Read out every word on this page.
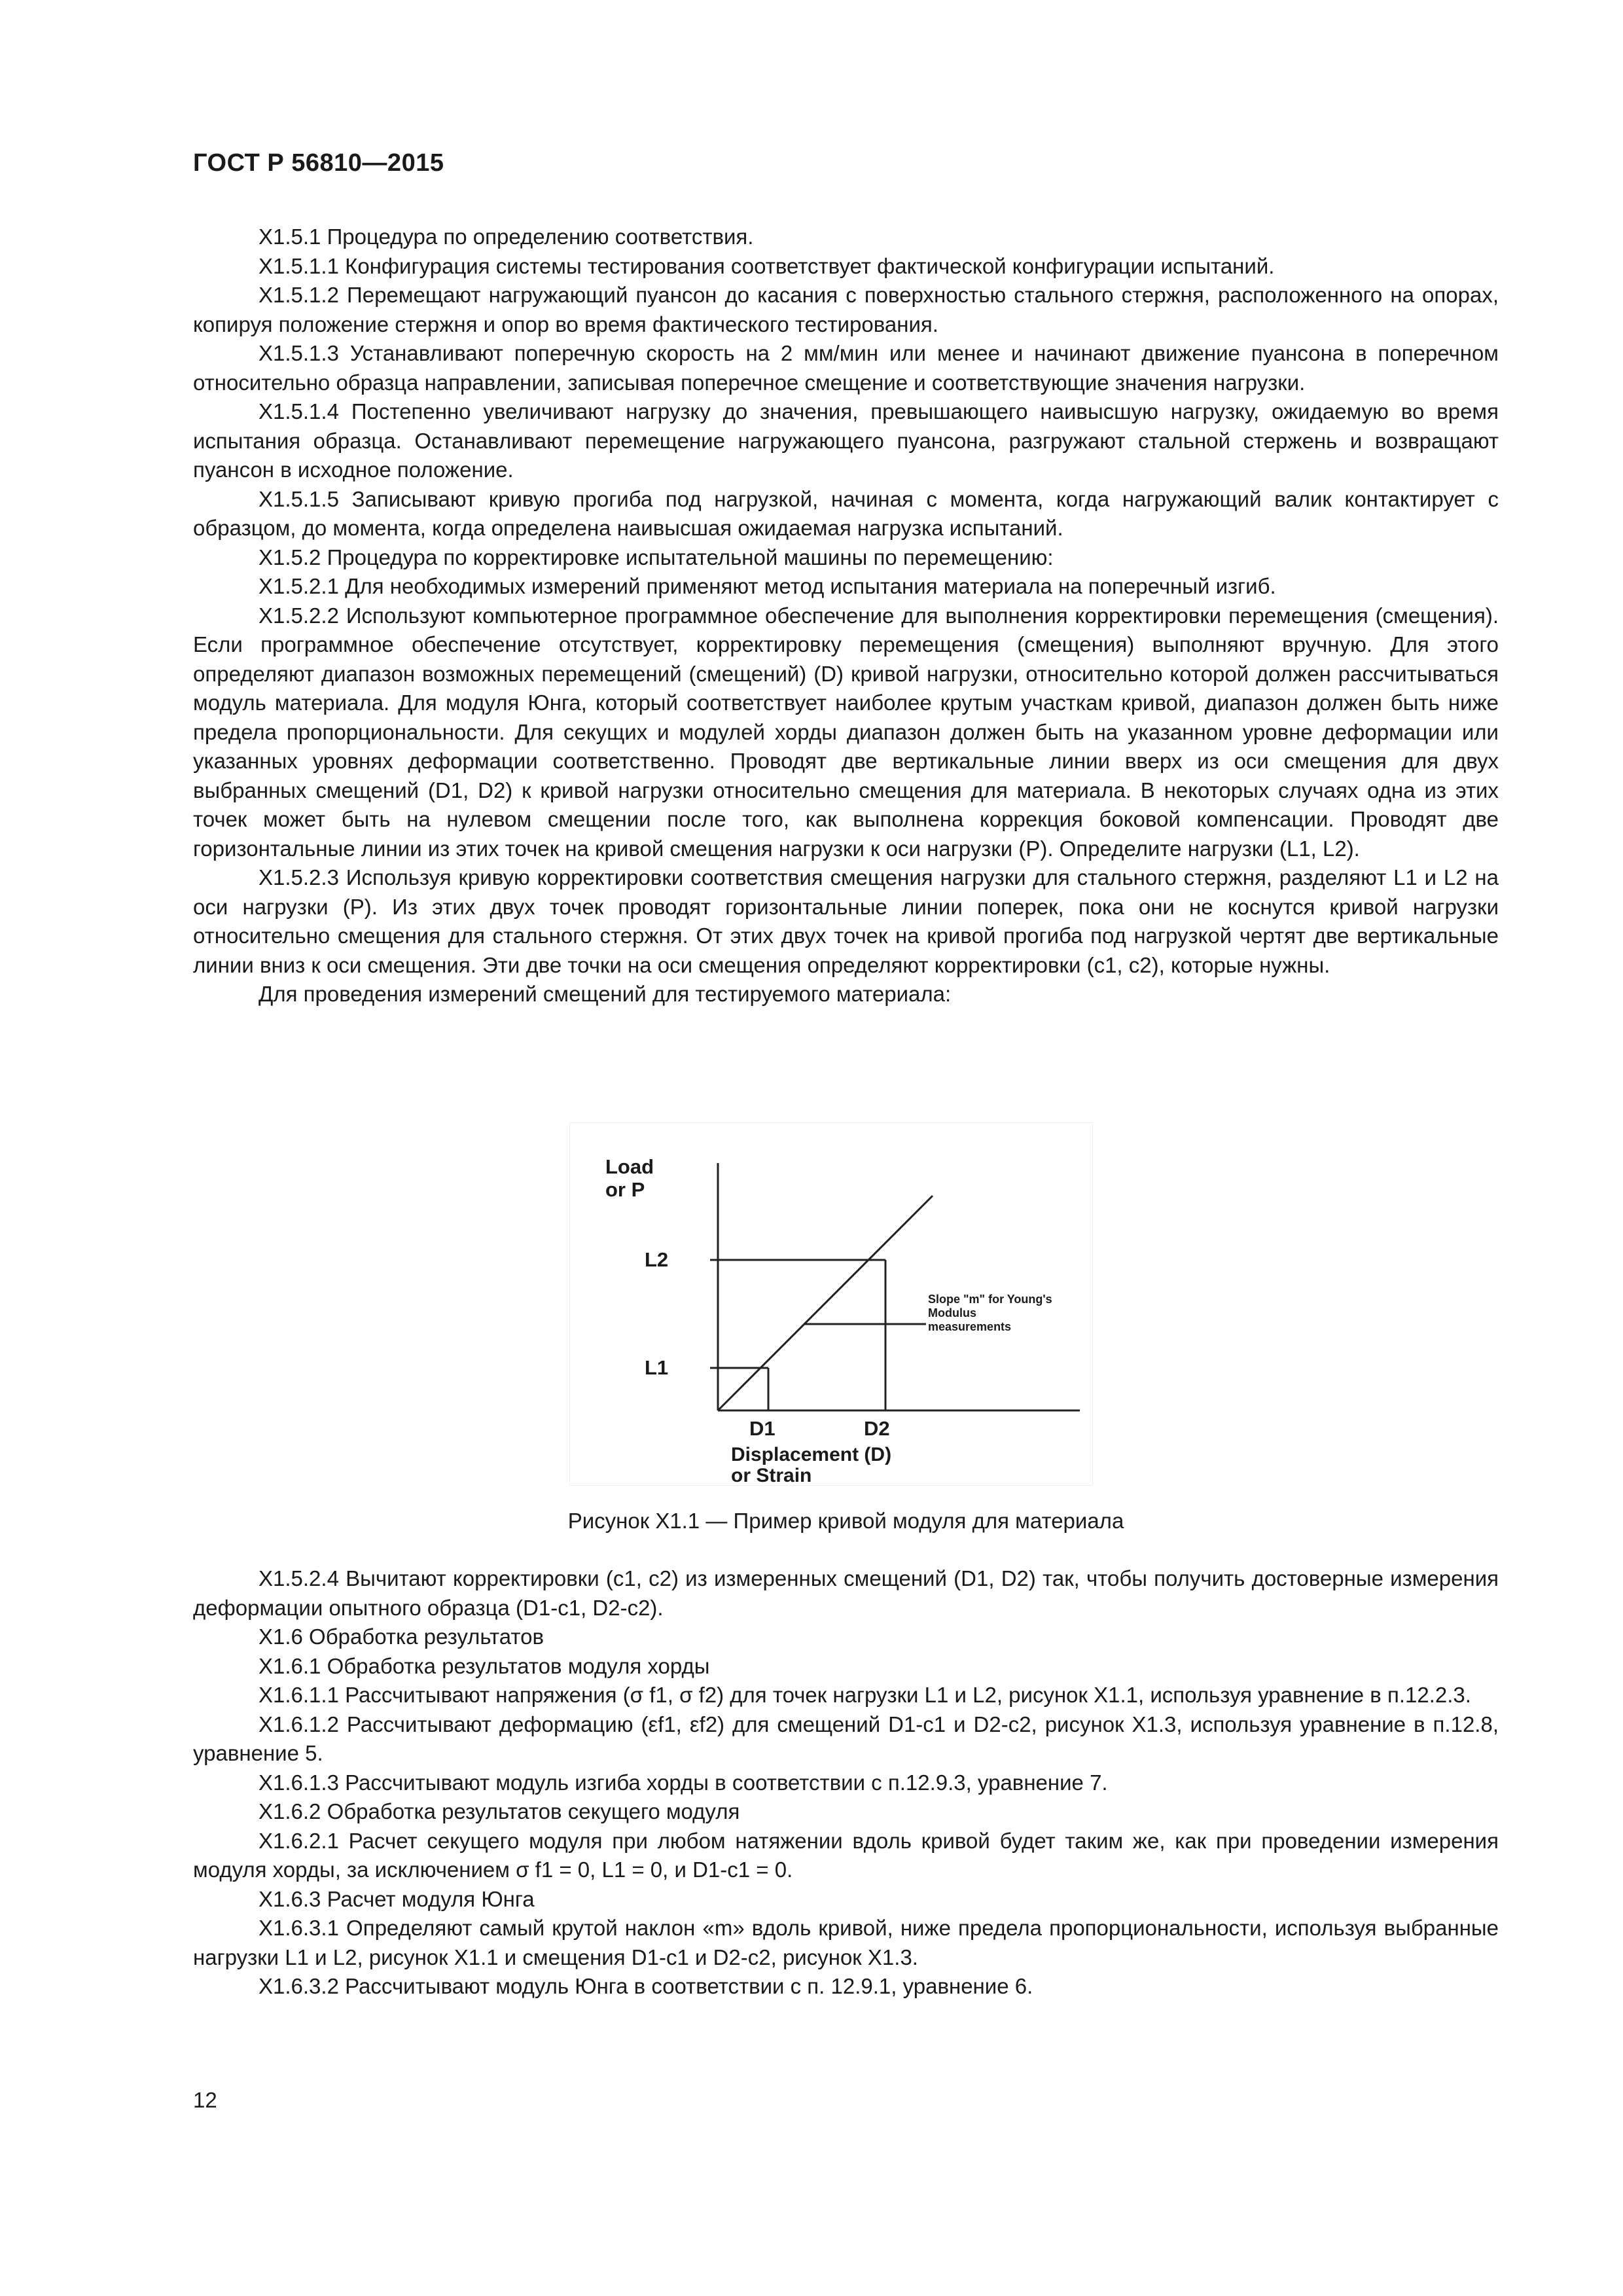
ГОСТ Р 56810—2015

X1.5.1 Процедура по определению соответствия.

X1.5.1.1 Конфигурация системы тестирования соответствует фактической конфигурации испытаний.

X1.5.1.2 Перемещают нагружающий пуансон до касания с поверхностью стального стержня, расположенного на опорах, копируя положение стержня и опор во время фактического тестирования.

X1.5.1.3 Устанавливают поперечную скорость на 2 мм/мин или менее и начинают движение пуансона в поперечном относительно образца направлении, записывая поперечное смещение и соответствующие значения нагрузки.

X1.5.1.4 Постепенно увеличивают нагрузку до значения, превышающего наивысшую нагрузку, ожидаемую во время испытания образца. Останавливают перемещение нагружающего пуансона, разгружают стальной стержень и возвращают пуансон в исходное положение.

X1.5.1.5 Записывают кривую прогиба под нагрузкой, начиная с момента, когда нагружающий валик контактирует с образцом, до момента, когда определена наивысшая ожидаемая нагрузка испытаний.

X1.5.2 Процедура по корректировке испытательной машины по перемещению:

X1.5.2.1 Для необходимых измерений применяют метод испытания материала на поперечный изгиб.

X1.5.2.2 Используют компьютерное программное обеспечение для выполнения корректировки перемещения (смещения). Если программное обеспечение отсутствует, корректировку перемещения (смещения) выполняют вручную. Для этого определяют диапазон возможных перемещений (смещений) (D) кривой нагрузки, относительно которой должен рассчитываться модуль материала. Для модуля Юнга, который соответствует наиболее крутым участкам кривой, диапазон должен быть ниже предела пропорциональности. Для секущих и модулей хорды диапазон должен быть на указанном уровне деформации или указанных уровнях деформации соответственно. Проводят две вертикальные линии вверх из оси смещения для двух выбранных смещений (D1, D2) к кривой нагрузки относительно смещения для материала. В некоторых случаях одна из этих точек может быть на нулевом смещении после того, как выполнена коррекция боковой компенсации. Проводят две горизонтальные линии из этих точек на кривой смещения нагрузки к оси нагрузки (P). Определите нагрузки (L1, L2).

X1.5.2.3 Используя кривую корректировки соответствия смещения нагрузки для стального стержня, разделяют L1 и L2 на оси нагрузки (P). Из этих двух точек проводят горизонтальные линии поперек, пока они не коснутся кривой нагрузки относительно смещения для стального стержня. От этих двух точек на кривой прогиба под нагрузкой чертят две вертикальные линии вниз к оси смещения. Эти две точки на оси смещения определяют корректировки (c1, c2), которые нужны.

Для проведения измерений смещений для тестируемого материала:

Load
or P
L2
L1
D1	D2
Displacement (D)
or Strain
Slope "m" for Young's
Modulus
measurements
Рисунок X1.1 — Пример кривой модуля для материала

X1.5.2.4 Вычитают корректировки (c1, c2) из измеренных смещений (D1, D2) так, чтобы получить достоверные измерения деформации опытного образца (D1-c1, D2-c2).

X1.6 Обработка результатов

X1.6.1 Обработка результатов модуля хорды

X1.6.1.1 Рассчитывают напряжения (σ f1, σ f2) для точек нагрузки L1 и L2, рисунок X1.1, используя уравнение в п.12.2.3.

X1.6.1.2 Рассчитывают деформацию (εf1, εf2) для смещений D1-c1 и D2-c2, рисунок X1.3, используя уравнение в п.12.8, уравнение 5.

X1.6.1.3 Рассчитывают модуль изгиба хорды в соответствии с п.12.9.3, уравнение 7.

X1.6.2 Обработка результатов секущего модуля

X1.6.2.1 Расчет секущего модуля при любом натяжении вдоль кривой будет таким же, как при проведении измерения модуля хорды, за исключением σ f1 = 0, L1 = 0, и D1-c1 = 0.

X1.6.3 Расчет модуля Юнга

X1.6.3.1 Определяют самый крутой наклон «m» вдоль кривой, ниже предела пропорциональности, используя выбранные нагрузки L1 и L2, рисунок X1.1 и смещения D1-c1 и D2-c2, рисунок X1.3.

X1.6.3.2 Рассчитывают модуль Юнга в соответствии с п. 12.9.1, уравнение 6.

12
